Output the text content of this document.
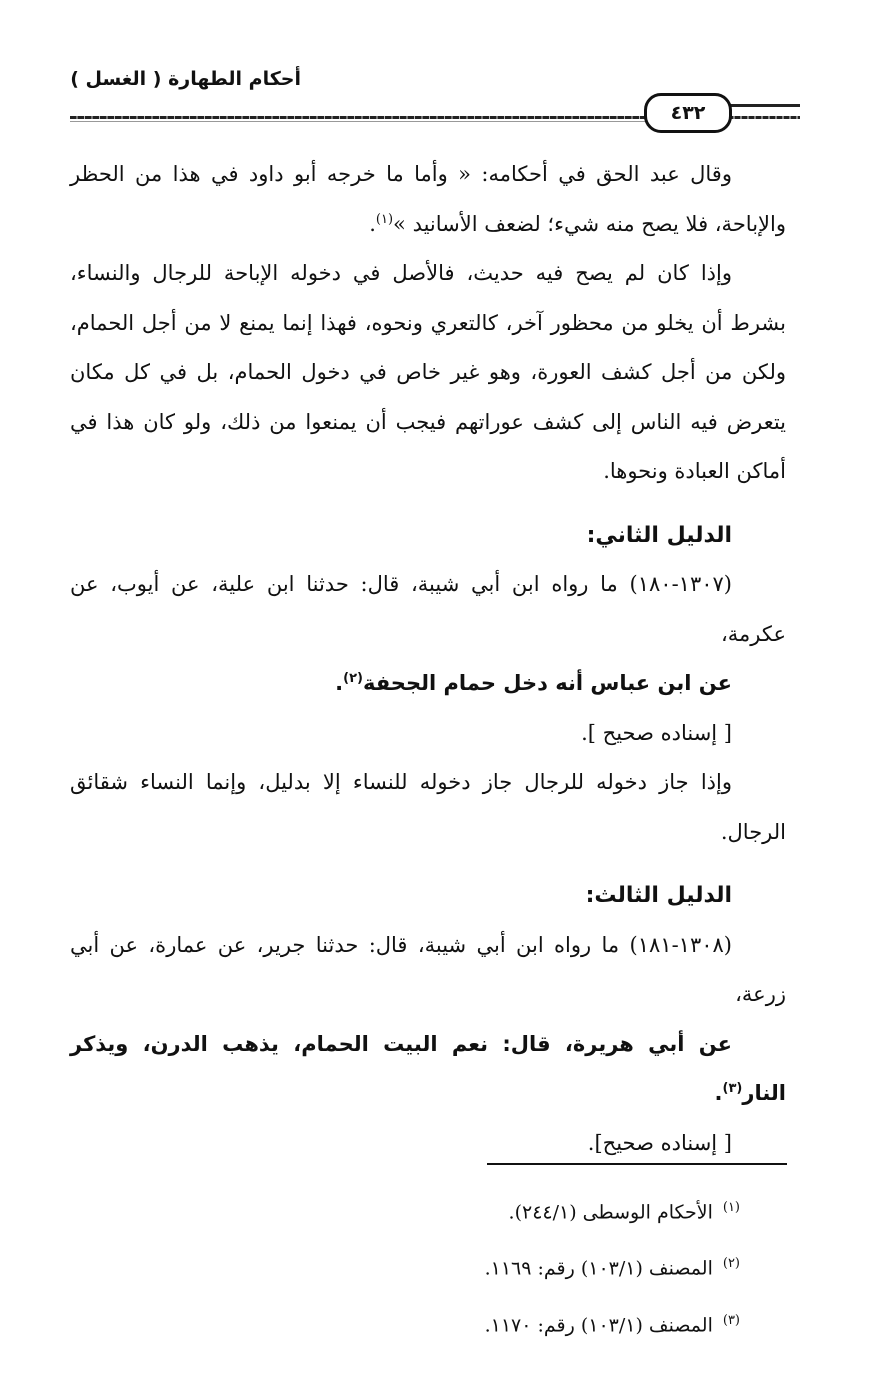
أحكام الطهارة ( الغسل )
٤٣٢

وقال عبد الحق في أحكامه: « وأما ما خرجه أبو داود في هذا من الحظر والإباحة، فلا يصح منه شيء؛ لضعف الأسانيد »$^{(١)}$.

وإذا كان لم يصح فيه حديث، فالأصل في دخوله الإباحة للرجال والنساء، بشرط أن يخلو من محظور آخر، كالتعري ونحوه، فهذا إنما يمنع لا من أجل الحمام، ولكن من أجل كشف العورة، وهو غير خاص في دخول الحمام، بل في كل مكان يتعرض فيه الناس إلى كشف عوراتهم فيجب أن يمنعوا من ذلك، ولو كان هذا في أماكن العبادة ونحوها.

الدليل الثاني:

(١٣٠٧-١٨٠) ما رواه ابن أبي شيبة، قال: حدثنا ابن علية، عن أيوب، عن عكرمة،

عن ابن عباس أنه دخل حمام الجحفة$^{(٢)}$.

[ إسناده صحيح ].

وإذا جاز دخوله للرجال جاز دخوله للنساء إلا بدليل، وإنما النساء شقائق الرجال.

الدليل الثالث:

(١٣٠٨-١٨١) ما رواه ابن أبي شيبة، قال: حدثنا جرير، عن عمارة، عن أبي زرعة،

عن أبي هريرة، قال: نعم البيت الحمام، يذهب الدرن، ويذكر النار$^{(٣)}$.

[ إسناده صحيح].

$^{(١)}$الأحكام الوسطى (٢٤٤/١).

$^{(٢)}$المصنف (١٠٣/١) رقم: ١١٦٩.

$^{(٣)}$المصنف (١٠٣/١) رقم: ١١٧٠.
